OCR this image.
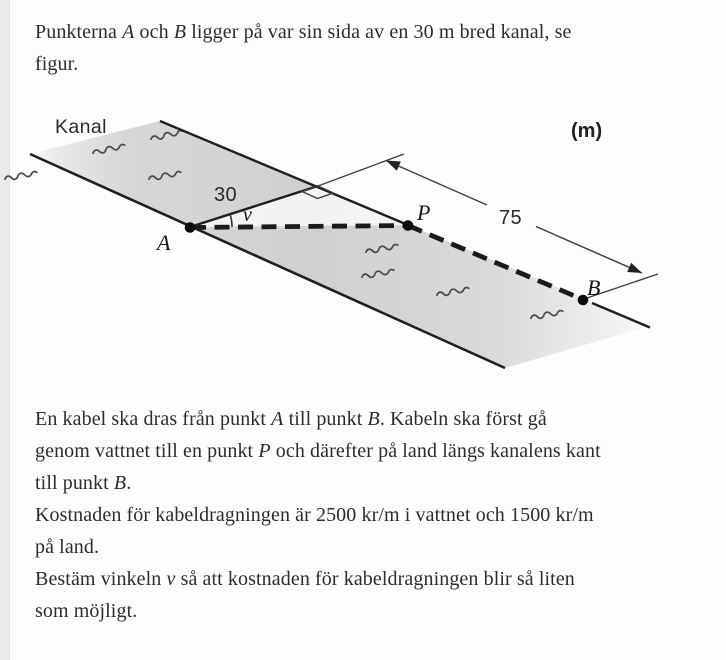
Punkterna A och B ligger på var sin sida av en 30 m bred kanal, se
figur.
Kanal	(m)
30
75
A
P
B
v
En kabel ska dras från punkt A till punkt B. Kabeln ska först gå
genom vattnet till en punkt P och därefter på land längs kanalens kant
till punkt B.
Kostnaden för kabeldragningen är 2500 kr/m i vattnet och 1500 kr/m
på land.
Bestäm vinkeln v så att kostnaden för kabeldragningen blir så liten
som möjligt.
